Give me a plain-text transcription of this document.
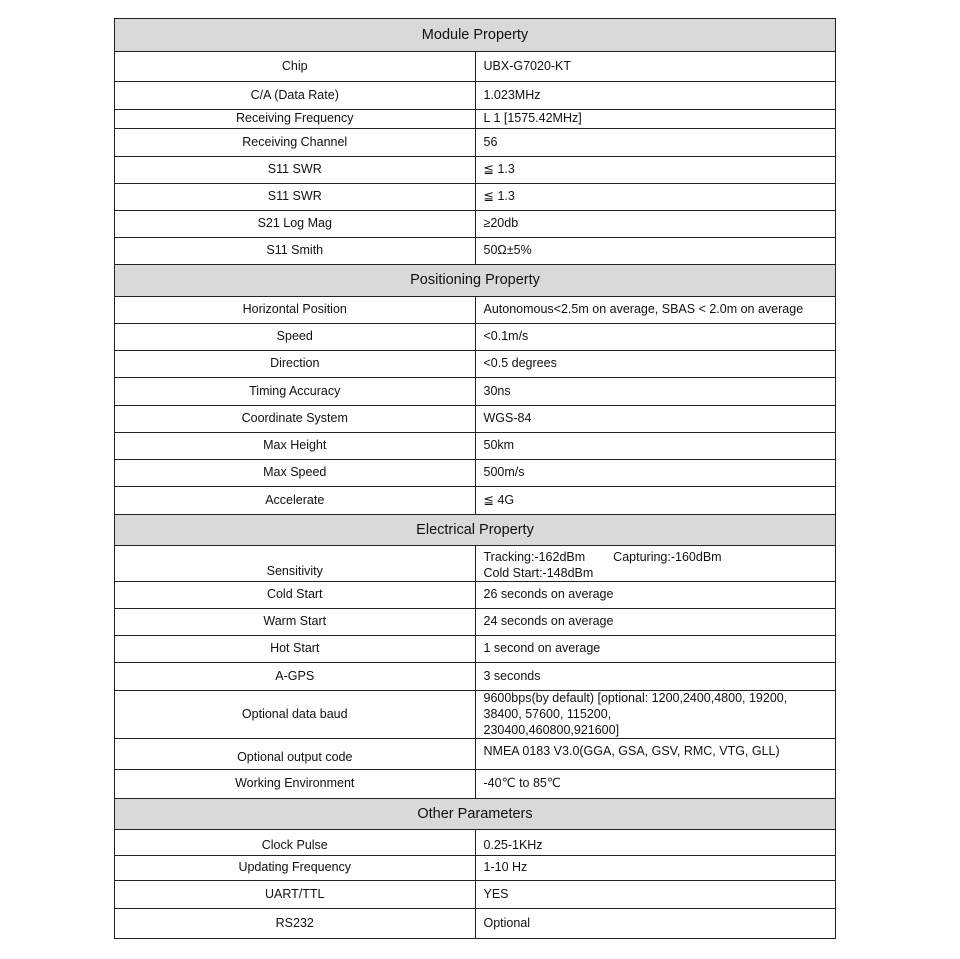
Module Property	
Chip	UBX-G7020-KT
C/A (Data Rate)	1.023MHz
Receiving Frequency	L 1 [1575.42MHz]
Receiving Channel	56
S11 SWR	≦ 1.3
S11 SWR	≦ 1.3
S21 Log Mag	≥20db
S11 Smith	50Ω±5%
Positioning Property	
Horizontal Position	Autonomous<2.5m on average, SBAS < 2.0m on average
Speed	<0.1m/s
Direction	<0.5 degrees
Timing Accuracy	30ns
Coordinate System	WGS-84
Max Height	50km
Max Speed	500m/s
Accelerate	≦ 4G
Electrical Property	
Sensitivity	Tracking:-162dBm Capturing:-160dBmCold Start:-148dBm
Cold Start	26 seconds on average
Warm Start	24 seconds on average
Hot Start	1 second on average
A-GPS	3 seconds
Optional data baud	9600bps(by default) [optional: 1200,2400,4800, 19200, 38400, 57600, 115200,
230400,460800,921600]

Optional output code	NMEA 0183 V3.0(GGA, GSA, GSV, RMC, VTG, GLL)
Working Environment	-40℃ to 85℃
Other Parameters	
Clock Pulse	0.25-1KHz
Updating Frequency	1-10 Hz
UART/TTL	YES
RS232	Optional
